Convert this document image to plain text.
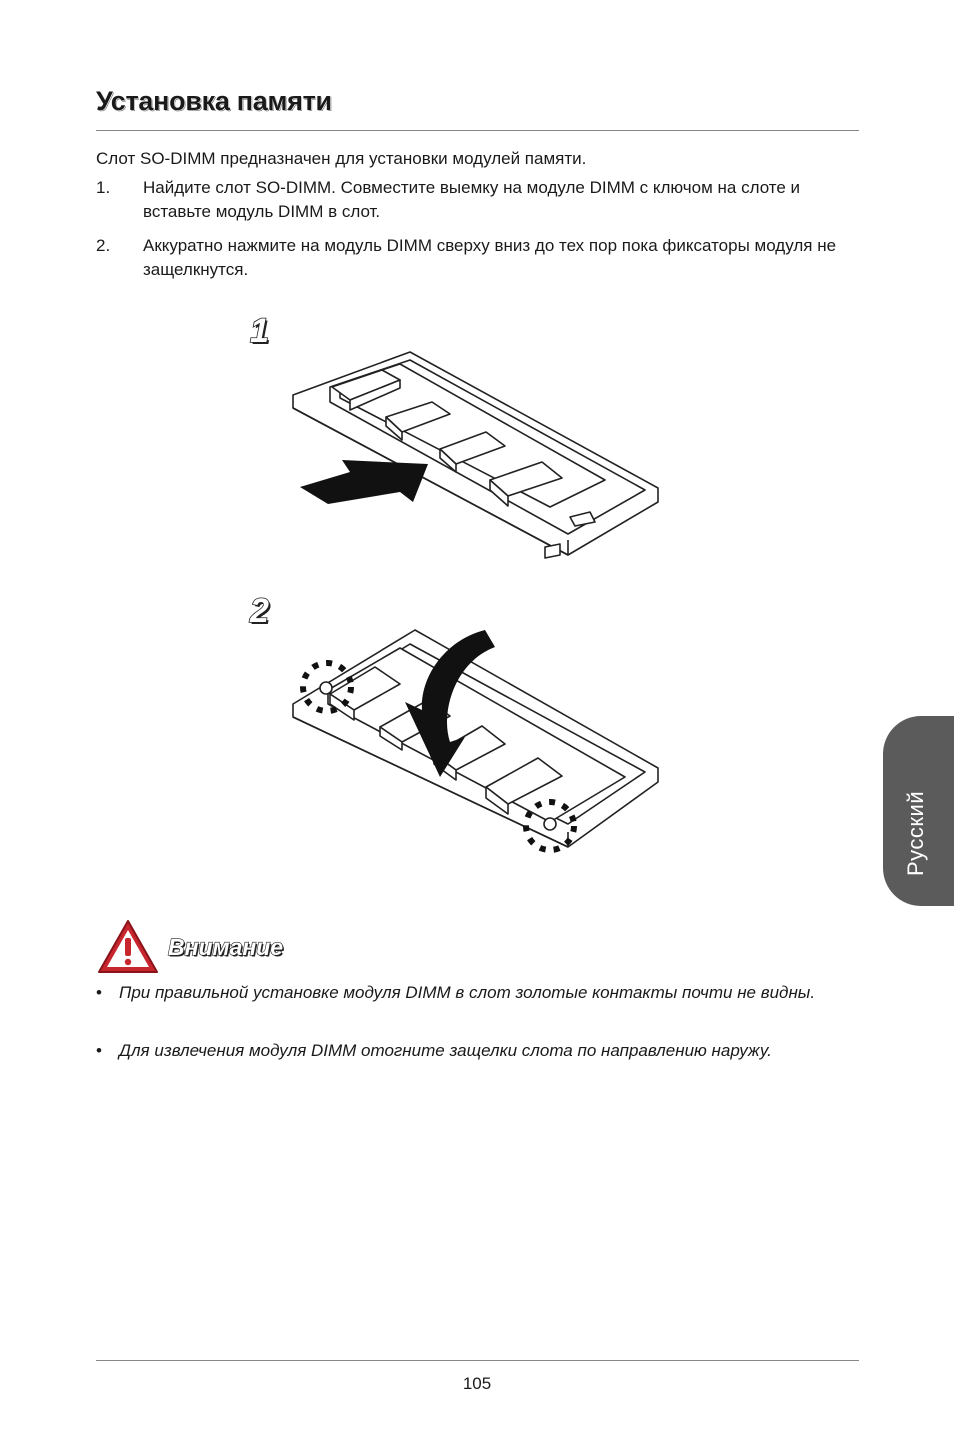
Установка памяти
Слот SO-DIMM предназначен для установки модулей памяти.
1. Найдите слот SO-DIMM. Совместите выемку на модуле DIMM с ключом на слоте и вставьте модуль DIMM в слот.
2. Аккуратно нажмите на модуль DIMM сверху вниз до тех пор пока фиксаторы модуля не защелкнутся.
1
2
Внимание
• При правильной установке модуля DIMM в слот золотые контакты почти не видны.
• Для извлечения модуля DIMM отогните защелки слота по направлению наружу.
Русский
105
